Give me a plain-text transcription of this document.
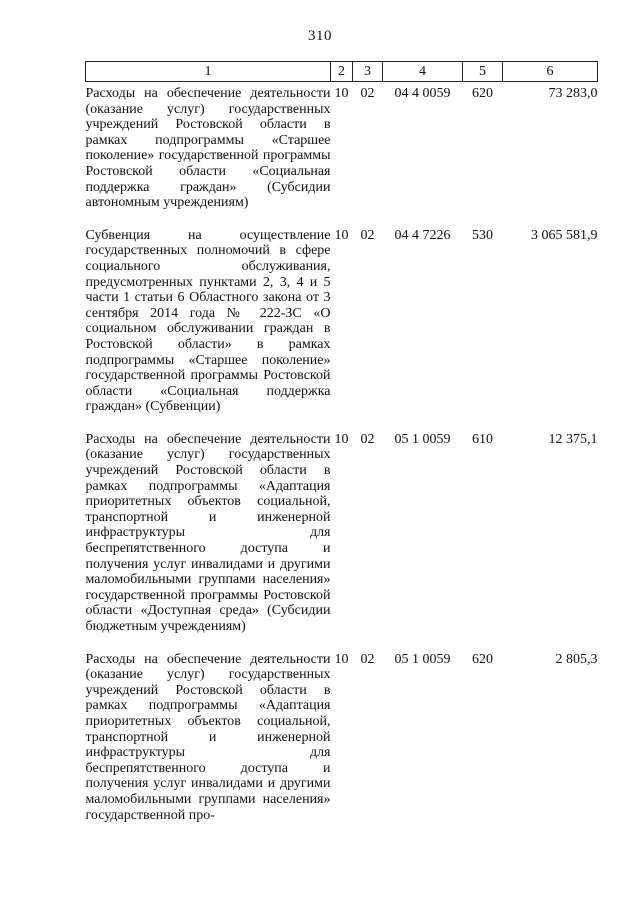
310
1	2	3	4	5	6

Расходы на обеспечение деятельности (оказание услуг) государственных учреждений Ростовской области в рамках подпрограммы «Старшее поколение» государственной программы Ростовской области «Социальная поддержка граждан» (Субсидии автономным учреждениям)	10	02	04 4 0059	620	73 283,0

Субвенция на осуществление государственных полномочий в сфере социального обслуживания, предусмотренных пунктами 2, 3, 4 и 5 части 1 статьи 6 Областного закона от 3 сентября 2014 года № 222-ЗС «О социальном обслуживании граждан в Ростовской области» в рамках подпрограммы «Старшее поколение» государственной программы Ростовской области «Социальная поддержка граждан» (Субвенции)	10	02	04 4 7226	530	3 065 581,9

Расходы на обеспечение деятельности (оказание услуг) государственных учреждений Ростовской области в рамках подпрограммы «Адаптация приоритетных объектов социальной, транспортной и инженерной инфраструктуры для беспрепятственного доступа и получения услуг инвалидами и другими маломобильными группами населения» государственной программы Ростовской области «Доступная среда» (Субсидии бюджетным учреждениям)	10	02	05 1 0059	610	12 375,1

Расходы на обеспечение деятельности (оказание услуг) государственных учреждений Ростовской области в рамках подпрограммы «Адаптация приоритетных объектов социальной, транспортной и инженерной инфраструктуры для беспрепятственного доступа и получения услуг инвалидами и другими маломобильными группами населения» государственной про-	10	02	05 1 0059	620	2 805,3
